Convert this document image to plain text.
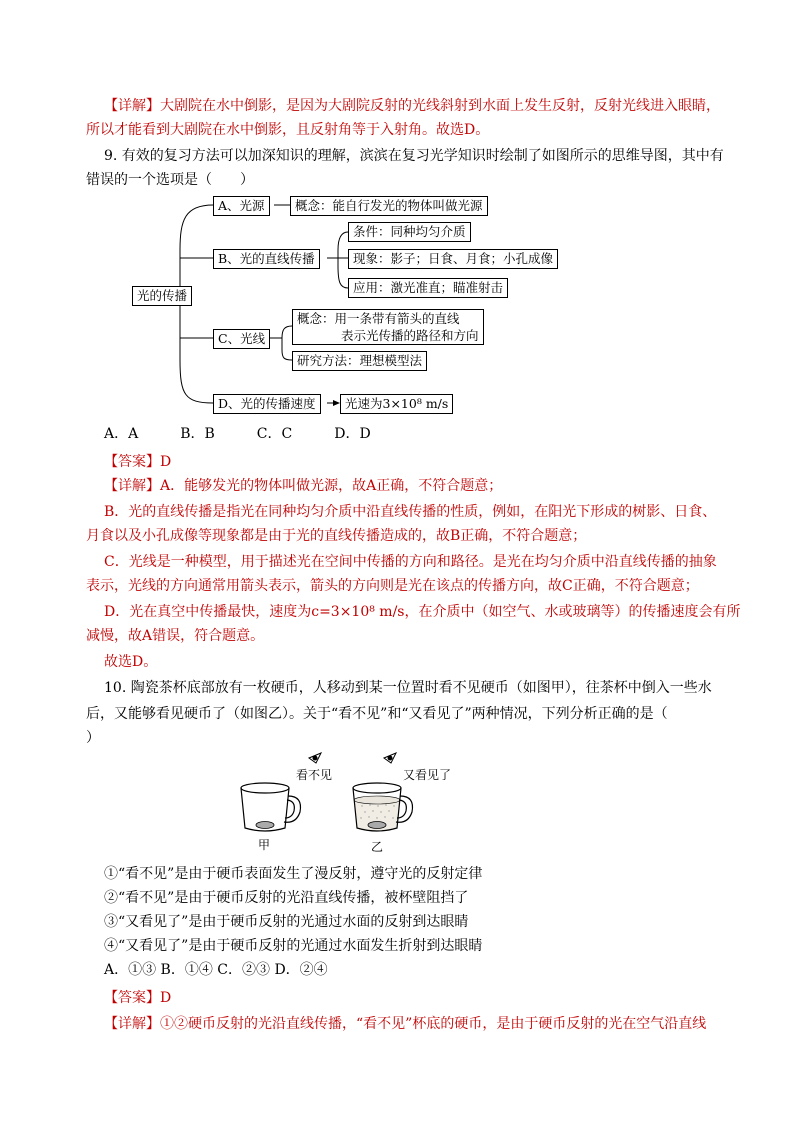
【详解】大剧院在水中倒影，是因为大剧院反射的光线斜射到水面上发生反射，反射光线进入眼睛，
所以才能看到大剧院在水中倒影，且反射角等于入射角。故选D。
9. 有效的复习方法可以加深知识的理解，滨滨在复习光学知识时绘制了如图所示的思维导图，其中有
错误的一个选项是（　　）
光的传播
A、光源	概念：能自行发光的物体叫做光源
B、光的直线传播
条件：同种均匀介质
现象：影子；日食、月食；小孔成像
应用：激光准直；瞄准射击
C、光线
概念：用一条带有箭头的直线
表示光传播的路径和方向
研究方法：理想模型法
D、光的传播速度	光速为3×10⁸ m/s
A．A　　　B．B　　　C．C　　　D．D
【答案】D
【详解】A．能够发光的物体叫做光源，故A正确，不符合题意；
B．光的直线传播是指光在同种均匀介质中沿直线传播的性质，例如，在阳光下形成的树影、日食、
月食以及小孔成像等现象都是由于光的直线传播造成的，故B正确，不符合题意；
C．光线是一种模型，用于描述光在空间中传播的方向和路径。是光在均匀介质中沿直线传播的抽象
表示，光线的方向通常用箭头表示，箭头的方向则是光在该点的传播方向，故C正确，不符合题意；
D．光在真空中传播最快，速度为c=3×10⁸ m/s，在介质中（如空气、水或玻璃等）的传播速度会有所
减慢，故A错误，符合题意。
故选D。
10. 陶瓷茶杯底部放有一枚硬币，人移动到某一位置时看不见硬币（如图甲），往茶杯中倒入一些水
后，又能够看见硬币了（如图乙）。关于“看不见”和“又看见了”两种情况，下列分析正确的是（
）
看不见	又看见了
甲	乙
①“看不见”是由于硬币表面发生了漫反射，遵守光的反射定律
②“看不见”是由于硬币反射的光沿直线传播，被杯壁阻挡了
③“又看见了”是由于硬币反射的光通过水面的反射到达眼睛
④“又看见了”是由于硬币反射的光通过水面发生折射到达眼睛
A．①③ B．①④ C．②③ D．②④
【答案】D
【详解】①②硬币反射的光沿直线传播，“看不见”杯底的硬币，是由于硬币反射的光在空气沿直线
